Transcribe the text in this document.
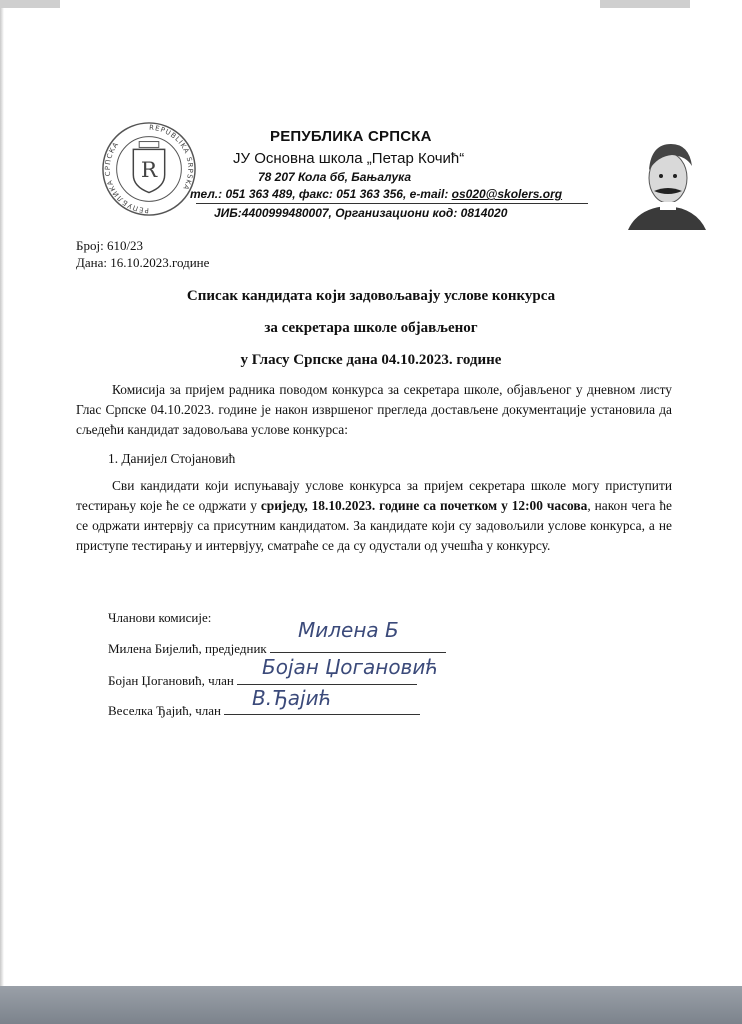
РЕПУБЛИКА СРПСКА
REPUBLIKA SRPSKA
R
РЕПУБЛИКА СРПСКА
ЈУ Основна школа „Петар Кочић“
78 207 Кола бб, Бањалука
тел.: 051 363 489, факс: 051 363 356, e-mail: os020@skolers.org
ЈИБ:4400999480007, Организациони код: 0814020
Број: 610/23
Дана: 16.10.2023.године
Списак кандидата који задовољавају услове конкурса
за секретара школе објављеног
у Гласу Српске дана 04.10.2023. године
Комисија за пријем радника поводом конкурса за секретара школе, објављеног у дневном листу Глас Српске 04.10.2023. године је након извршеног прегледа достављене документације установила да сљедећи кандидат задовољава услове конкурса:
1. Данијел Стојановић
Сви кандидати који испуњавају услове конкурса за пријем секретара школе могу приступити тестирању које ће се одржати у сриједу, 18.10.2023. године са почетком у 12:00 часова, након чега ће се одржати интервју са присутним кандидатом. За кандидате који су задовољили услове конкурса, а не приступе тестирању и интервјуу, сматраће се да су одустали од учешћа у конкурсу.
Чланови комисије:
Милена Бијелић, предједник
Милена Б
Бојан Џогановић, члан
Бојан Џогановић
Веселка Ђајић, члан
В.Ђајић
